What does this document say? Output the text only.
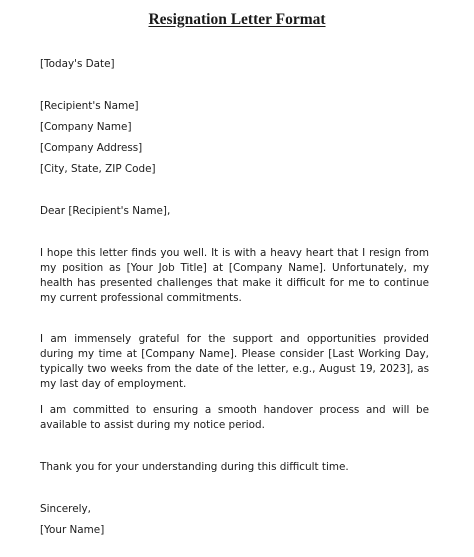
Resignation Letter Format

[Today's Date]

[Recipient's Name]

[Company Name]

[Company Address]

[City, State, ZIP Code]

Dear [Recipient's Name],

I hope this letter finds you well. It is with a heavy heart that I resign from my position as [Your Job Title] at [Company Name]. Unfortunately, my health has presented challenges that make it difficult for me to continue my current professional commitments.

I am immensely grateful for the support and opportunities provided during my time at [Company Name]. Please consider [Last Working Day, typically two weeks from the date of the letter, e.g., August 19, 2023], as my last day of employment.

I am committed to ensuring a smooth handover process and will be available to assist during my notice period.

Thank you for your understanding during this difficult time.

Sincerely,

[Your Name]
